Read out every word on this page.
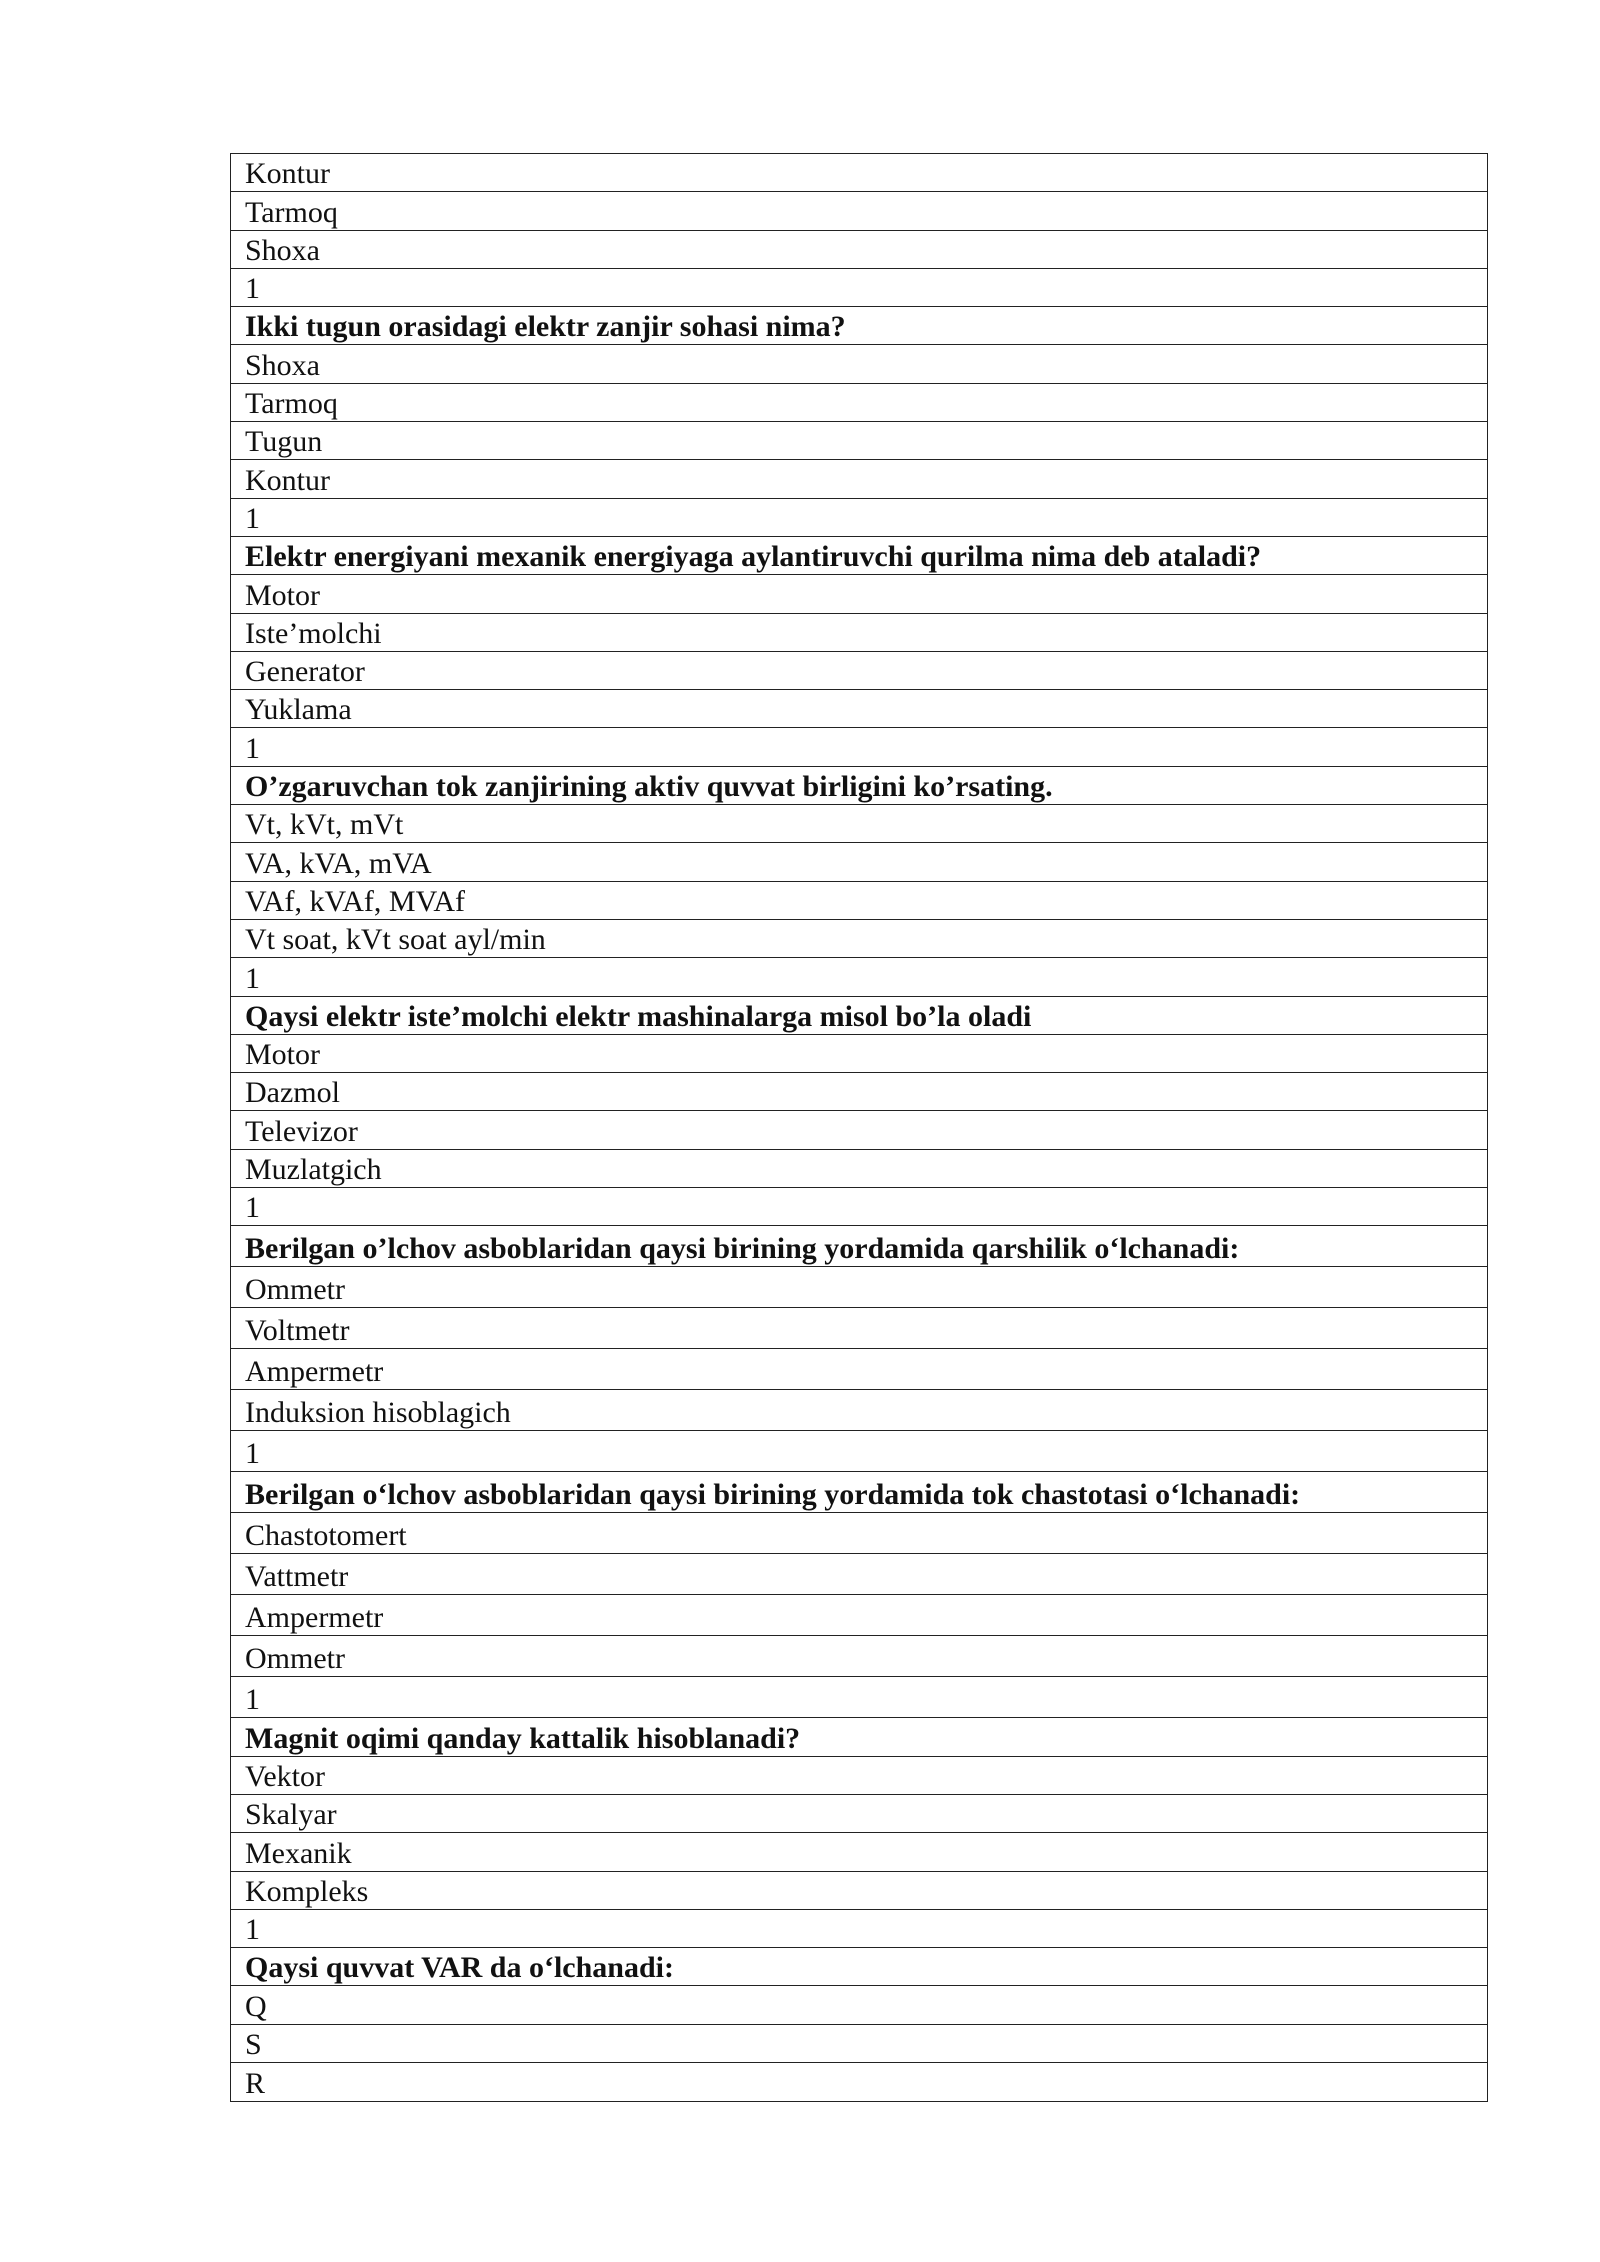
Kontur
Tarmoq
Shoxa
1
Ikki tugun orasidagi elektr zanjir sohasi nima?
Shoxa
Tarmoq
Tugun
Kontur
1
Elektr energiyani mexanik energiyaga aylantiruvchi qurilma nima deb ataladi?
Motor
Iste’molchi
Generator
Yuklama
1
O’zgaruvchan tok zanjirining aktiv quvvat birligini ko’rsating.
Vt, kVt, mVt
VA, kVA, mVA
VAf, kVAf, MVAf
Vt soat, kVt soat ayl/min
1
Qaysi elektr iste’molchi elektr mashinalarga misol bo’la oladi
Motor
Dazmol
Televizor
Muzlatgich
1
Berilgan o’lchov asboblaridan qaysi birining yordamida qarshilik o‘lchanadi:
Ommetr
Voltmetr
Ampermetr
Induksion hisoblagich
1
Berilgan o‘lchov asboblaridan qaysi birining yordamida tok chastotasi o‘lchanadi:
Chastotomert
Vattmetr
Ampermetr
Ommetr
1
Magnit oqimi qanday kattalik hisoblanadi?
Vektor
Skalyar
Mexanik
Kompleks
1
Qaysi quvvat VAR da o‘lchanadi:
Q
S
R
